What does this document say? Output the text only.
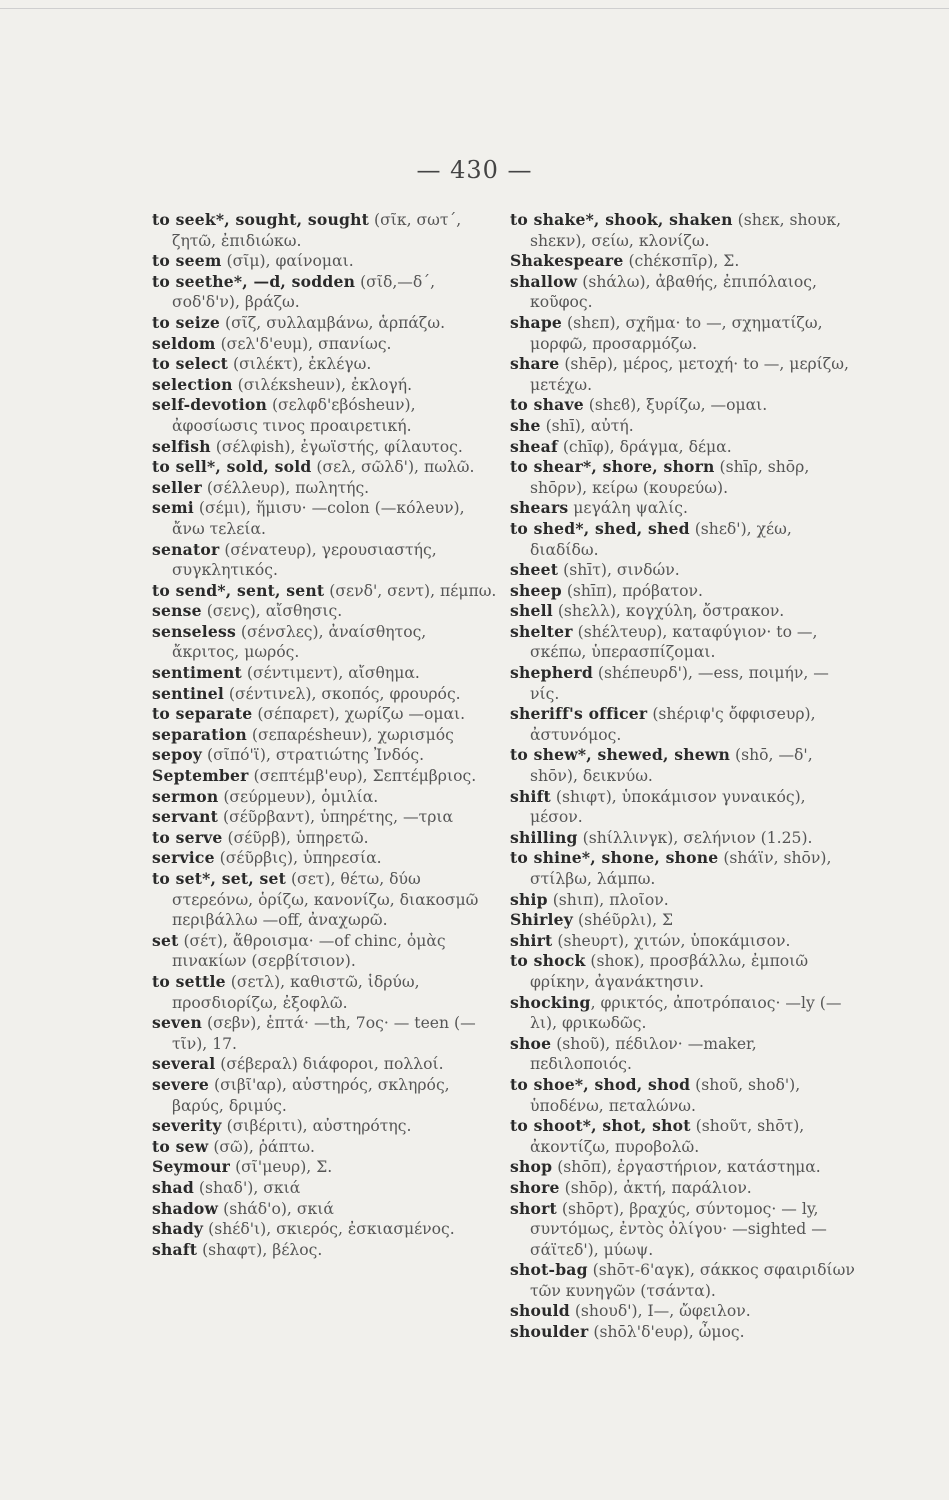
— 430 —
to seek*, sought, sought (σῖκ, σωτ΄, ζητῶ, ἐπιδιώκω.
to seem (σῖμ), φαίνομαι.
to seethe*, —d, sodden (σῖδ,—δ΄, σοδ'δ'ν), βράζω.
to seize (σῖζ, συλλαμβάνω, ἁρπάζω.
seldom (σελ'δ'eυμ), σπανίως.
to select (σιλέκτ), ἐκλέγω.
selection (σιλέκsheuν), ἐκλογή.
self-devotion (σελφδ'εβόsheuν), ἀφοσίωσις τινος προαιρετική.
selfish (σέλφish), ἐγωϊστής, φίλαυτος.
to sell*, sold, sold (σελ, σῶλδ'), πωλῶ.
seller (σέλλeυρ), πωλητής.
semi (σέμι), ἥμισυ· —colon (—κόλeυν), ἄνω τελεία.
senator (σένατeυρ), γερουσιαστής, συγκλητικός.
to send*, sent, sent (σενδ', σεντ), πέμπω.
sense (σενς), αἴσθησις.
senseless (σένσλες), ἀναίσθητος, ἄκριτος, μωρός.
sentiment (σέντιμεντ), αἴσθημα.
sentinel (σέντινελ), σκοπός, φρουρός.
to separate (σέπαρετ), χωρίζω —ομαι.
separation (σεπαρέsheuν), χωρισμός
sepoy (σῖπό'ϊ), στρατιώτης Ἰνδός.
September (σεπτέμβ'eυρ), Σεπτέμβριος.
sermon (σεύρμeυν), ὁμιλία.
servant (σέῦρβαντ), ὑπηρέτης, —τρια
to serve (σέῦρβ), ὑπηρετῶ.
service (σέῦρβις), ὑπηρεσία.
to set*, set, set (σετ), θέτω, δύω στερεόνω, ὁρίζω, κανονίζω, διακοσμῶ περιβάλλω —off, ἀναχωρῶ.
set (σέτ), ἄθροισμα· —of chinc, ὁμὰς πινακίων (σερβίτσιον).
to settle (σετλ), καθιστῶ, ἱδρύω, προσδιορίζω, ἐξοφλῶ.
seven (σεβν), ἑπτά· —th, 7ος· — teen (—τῖν), 17.
several (σέβεραλ) διάφοροι, πολλοί.
severe (σιβῖ'αρ), αὐστηρός, σκληρός, βαρύς, δριμύς.
severity (σιβέριτι), αὐστηρότης.
to sew (σῶ), ῥάπτω.
Seymour (σῖ'μeυρ), Σ.
shad (shαδ'), σκιά
shadow (shάδ'ο), σκιά
shady (shέδ'ι), σκιερός, ἐσκιασμένος.
shaft (shαφτ), βέλος.
to shake*, shook, shaken (shεκ, shουκ, shεκν), σείω, κλονίζω.
Shakespeare (chέκσπῖρ), Σ.
shallow (shάλω), ἀβαθής, ἐπιπόλαιος, κοῦφος.
shape (shεπ), σχῆμα· to —, σχηματίζω, μορφῶ, προσαρμόζω.
share (shēρ), μέρος, μετοχή· to —, μερίζω, μετέχω.
to shave (shεϐ), ξυρίζω, —ομαι.
she (shī), αὐτή.
sheaf (chīφ), δράγμα, δέμα.
to shear*, shore, shorn (shīρ, shōρ, shōρν), κείρω (κουρεύω).
shears μεγάλη ψαλίς.
to shed*, shed, shed (shεδ'), χέω, διαδίδω.
sheet (shīτ), σινδών.
sheep (shīπ), πρόβατον.
shell (shελλ), κογχύλη, ὄστρακον.
shelter (shέλτeυρ), καταφύγιον· to —, σκέπω, ὑπερασπίζομαι.
shepherd (shέπeυρδ'), —ess, ποιμήν, —νίς.
sheriff's officer (shέριφ'ς ὄφφισeυρ), ἀστυνόμος.
to shew*, shewed, shewn (shō, —δ', shōν), δεικνύω.
shift (shιφτ), ὑποκάμισον γυναικός), μέσον.
shilling (shίλλινγκ), σελήνιον (1.25).
to shine*, shone, shone (shάϊν, shōν), στίλβω, λάμπω.
ship (shιπ), πλοῖον.
Shirley (shéῦρλι), Σ
shirt (sheυρτ), χιτών, ὑποκάμισον.
to shock (shoκ), προσβάλλω, ἐμποιῶ φρίκην, ἀγανάκτησιν.
shocking, φρικτός, ἀποτρόπαιος· —ly (—λι), φρικωδῶς.
shoe (shoῦ), πέδιλον· —maker, πεδιλοποιός.
to shoe*, shod, shod (shoῦ, shoδ'), ὑποδένω, πεταλώνω.
to shoot*, shot, shot (shοῦτ, shōτ), ἀκοντίζω, πυροβολῶ.
shop (shōπ), ἐργαστήριον, κατάστημα.
shore (shōρ), ἀκτή, παράλιον.
short (shōρτ), βραχύς, σύντομος· — ly, συντόμως, ἐντὸς ὀλίγου· —sighted —σάϊτεδ'), μύωψ.
shot-bag (shōτ-6'αγκ), σάκκος σφαιριδίων τῶν κυνηγῶν (τσάντα).
should (shουδ'), I—, ὤφειλον.
shoulder (shōλ'δ'eυρ), ὦμος.
